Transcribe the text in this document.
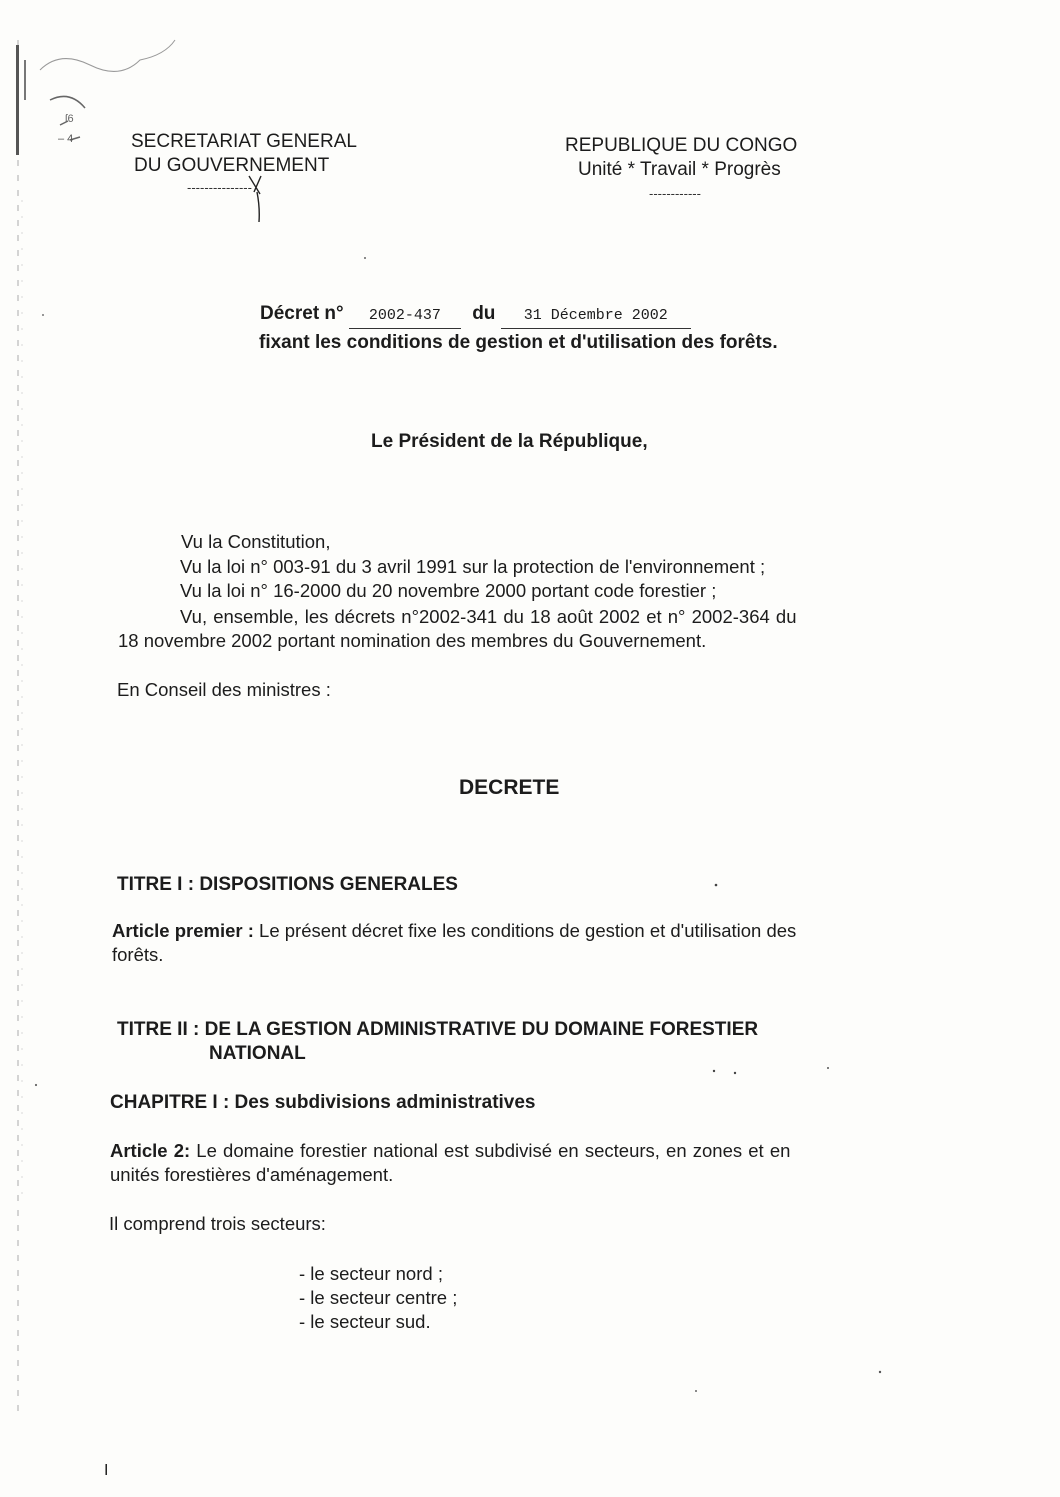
ſ6
– 4	SECRETARIAT GENERAL
DU GOUVERNEMENT
---------------
REPUBLIQUE DU CONGO
Unité * Travail * Progrès
------------
Décret n° 2002-437 du 31 Décembre 2002
fixant les conditions de gestion et d'utilisation des forêts.
Le Président de la République,
Vu la Constitution,
Vu la loi n° 003-91 du 3 avril 1991 sur la protection de l'environnement ;
Vu la loi n° 16-2000 du 20 novembre 2000 portant code forestier ;
Vu, ensemble, les décrets n°2002-341 du 18 août 2002 et n° 2002-364 du
18 novembre 2002 portant nomination des membres du Gouvernement.
En Conseil des ministres :
DECRETE
TITRE I : DISPOSITIONS GENERALES
Article premier : Le présent décret fixe les conditions de gestion et d'utilisation des
forêts.
TITRE II : DE LA GESTION ADMINISTRATIVE DU DOMAINE FORESTIER
NATIONAL
CHAPITRE I : Des subdivisions administratives
Article 2: Le domaine forestier national est subdivisé en secteurs, en zones et en
unités forestières d'aménagement.
Il comprend trois secteurs:
- le secteur nord ;
- le secteur centre ;
- le secteur sud.
I
